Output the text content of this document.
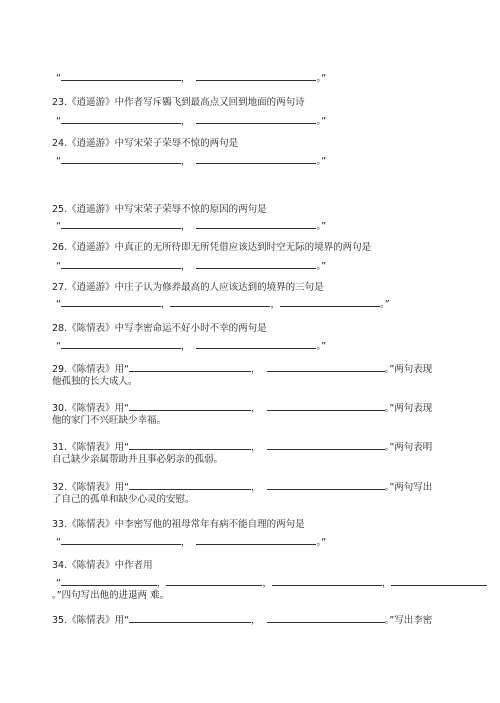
“	，	。”
23.《逍遥游》中作者写斥鷃飞到最高点又回到地面的两句诗
“	，	。”
24.《逍遥游》中写宋荣子荣辱不惊的两句是
“	，	。”
25.《逍遥游》中写宋荣子荣辱不惊的原因的两句是
“	，	。”
26.《逍遥游》中真正的无所待即无所凭借应该达到时空无际的境界的两句是
“	，	。”
27.《逍遥游》中庄子认为修养最高的人应该达到的境界的三句是
“	，	，	。”
28.《陈情表》中写李密命运不好小时不幸的两句是
“	，	。”
29.《陈情表》用“	，	。”两句表现
他孤独的长大成人。
30.《陈情表》用“	，	。”两句表现
他的家门不兴旺缺少幸福。
31.《陈情表》用“	，	。”两句表明
自己缺少亲属帮助并且事必躬亲的孤弱。
32.《陈情表》用“	，	。”两句写出
了自己的孤单和缺少心灵的安慰。
33.《陈情表》中李密写他的祖母常年有病不能自理的两句是
“	，	。”
34.《陈情表》中作者用
“	，	，	，
。”四句写出他的进退两 难。
35.《陈情表》用“	，	。”写出李密
